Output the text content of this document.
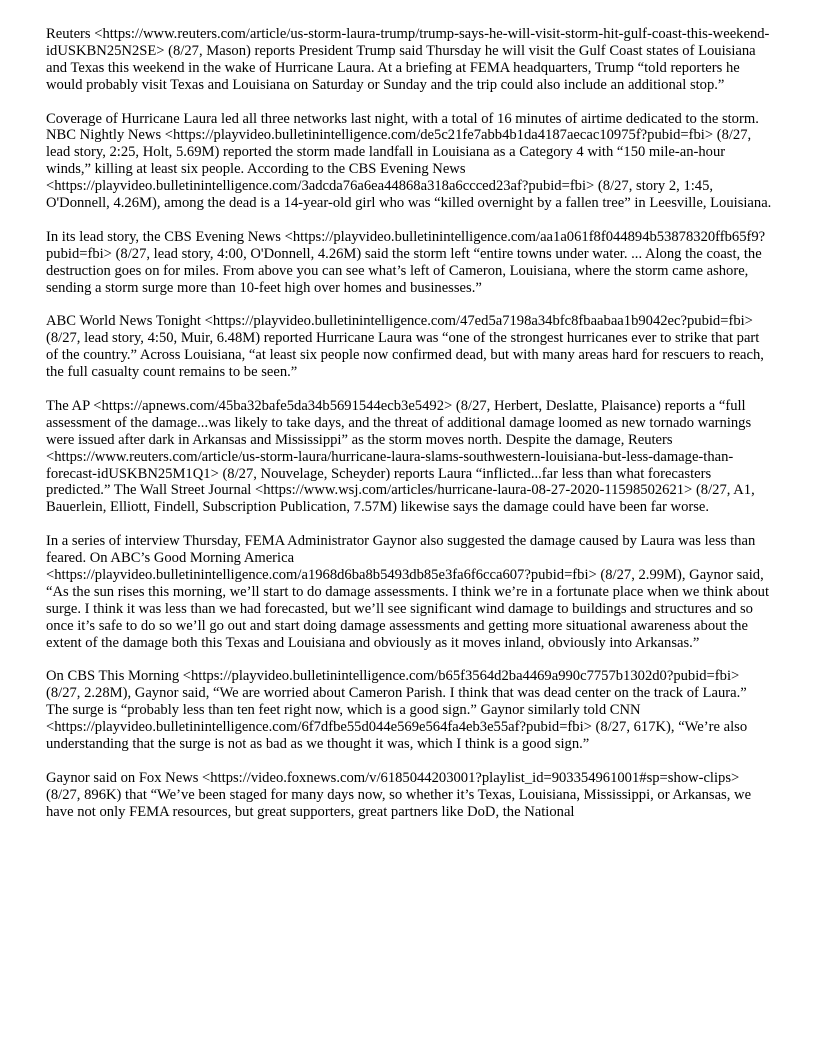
Reuters <https://www.reuters.com/article/us-storm-laura-trump/trump-says-he-will-visit-storm-hit-gulf-coast-this-weekend-idUSKBN25N2SE> (8/27, Mason) reports President Trump said Thursday he will visit the Gulf Coast states of Louisiana and Texas this weekend in the wake of Hurricane Laura. At a briefing at FEMA headquarters, Trump “told reporters he would probably visit Texas and Louisiana on Saturday or Sunday and the trip could also include an additional stop.”

Coverage of Hurricane Laura led all three networks last night, with a total of 16 minutes of airtime dedicated to the storm. NBC Nightly News <https://playvideo.bulletinintelligence.com/de5c21fe7abb4b1da4187aecac10975f?pubid=fbi> (8/27, lead story, 2:25, Holt, 5.69M) reported the storm made landfall in Louisiana as a Category 4 with “150 mile-an-hour winds,” killing at least six people. According to the CBS Evening News <https://playvideo.bulletinintelligence.com/3adcda76a6ea44868a318a6ccced23af?pubid=fbi> (8/27, story 2, 1:45, O'Donnell, 4.26M), among the dead is a 14-year-old girl who was “killed overnight by a fallen tree” in Leesville, Louisiana.

In its lead story, the CBS Evening News <https://playvideo.bulletinintelligence.com/aa1a061f8f044894b53878320ffb65f9?pubid=fbi> (8/27, lead story, 4:00, O'Donnell, 4.26M) said the storm left “entire towns under water. ... Along the coast, the destruction goes on for miles. From above you can see what’s left of Cameron, Louisiana, where the storm came ashore, sending a storm surge more than 10-feet high over homes and businesses.”

ABC World News Tonight <https://playvideo.bulletinintelligence.com/47ed5a7198a34bfc8fbaabaa1b9042ec?pubid=fbi> (8/27, lead story, 4:50, Muir, 6.48M) reported Hurricane Laura was “one of the strongest hurricanes ever to strike that part of the country.” Across Louisiana, “at least six people now confirmed dead, but with many areas hard for rescuers to reach, the full casualty count remains to be seen.”

The AP <https://apnews.com/45ba32bafe5da34b5691544ecb3e5492> (8/27, Herbert, Deslatte, Plaisance) reports a “full assessment of the damage...was likely to take days, and the threat of additional damage loomed as new tornado warnings were issued after dark in Arkansas and Mississippi” as the storm moves north. Despite the damage, Reuters <https://www.reuters.com/article/us-storm-laura/hurricane-laura-slams-southwestern-louisiana-but-less-damage-than-forecast-idUSKBN25M1Q1> (8/27, Nouvelage, Scheyder) reports Laura “inflicted...far less than what forecasters predicted.” The Wall Street Journal <https://www.wsj.com/articles/hurricane-laura-08-27-2020-11598502621> (8/27, A1, Bauerlein, Elliott, Findell, Subscription Publication, 7.57M) likewise says the damage could have been far worse.

In a series of interview Thursday, FEMA Administrator Gaynor also suggested the damage caused by Laura was less than feared. On ABC’s Good Morning America <https://playvideo.bulletinintelligence.com/a1968d6ba8b5493db85e3fa6f6cca607?pubid=fbi> (8/27, 2.99M), Gaynor said, “As the sun rises this morning, we’ll start to do damage assessments. I think we’re in a fortunate place when we think about surge. I think it was less than we had forecasted, but we’ll see significant wind damage to buildings and structures and so once it’s safe to do so we’ll go out and start doing damage assessments and getting more situational awareness about the extent of the damage both this Texas and Louisiana and obviously as it moves inland, obviously into Arkansas.”

On CBS This Morning <https://playvideo.bulletinintelligence.com/b65f3564d2ba4469a990c7757b1302d0?pubid=fbi> (8/27, 2.28M), Gaynor said, “We are worried about Cameron Parish. I think that was dead center on the track of Laura.” The surge is “probably less than ten feet right now, which is a good sign.” Gaynor similarly told CNN <https://playvideo.bulletinintelligence.com/6f7dfbe55d044e569e564fa4eb3e55af?pubid=fbi> (8/27, 617K), “We’re also understanding that the surge is not as bad as we thought it was, which I think is a good sign.”

Gaynor said on Fox News <https://video.foxnews.com/v/6185044203001?playlist_id=903354961001#sp=show-clips> (8/27, 896K) that “We’ve been staged for many days now, so whether it’s Texas, Louisiana, Mississippi, or Arkansas, we have not only FEMA resources, but great supporters, great partners like DoD, the National
